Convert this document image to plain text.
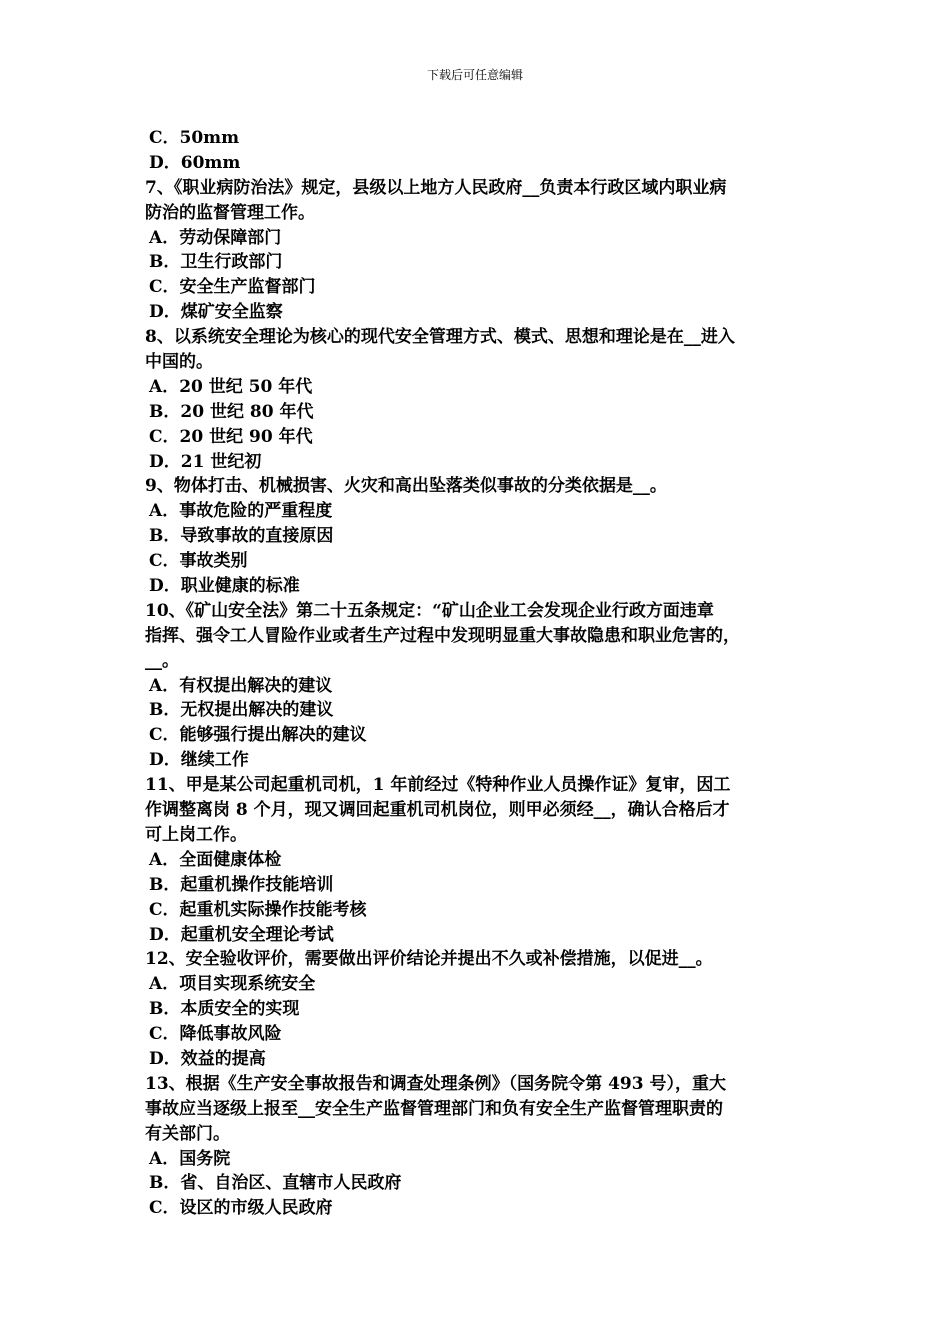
下载后可任意编辑
C．50mm
D．60mm
7、《职业病防治法》规定，县级以上地方人民政府__负责本行政区域内职业病
防治的监督管理工作。
A．劳动保障部门
B．卫生行政部门
C．安全生产监督部门
D．煤矿安全监察
8、以系统安全理论为核心的现代安全管理方式、模式、思想和理论是在__进入
中国的。
A．20 世纪 50 年代
B．20 世纪 80 年代
C．20 世纪 90 年代
D．21 世纪初
9、物体打击、机械损害、火灾和高出坠落类似事故的分类依据是__。
A．事故危险的严重程度
B．导致事故的直接原因
C．事故类别
D．职业健康的标准
10、《矿山安全法》第二十五条规定：“矿山企业工会发现企业行政方面违章
指挥、强令工人冒险作业或者生产过程中发现明显重大事故隐患和职业危害的，
__。
A．有权提出解决的建议
B．无权提出解决的建议
C．能够强行提出解决的建议
D．继续工作
11、甲是某公司起重机司机，1 年前经过《特种作业人员操作证》复审，因工
作调整离岗 8 个月，现又调回起重机司机岗位，则甲必须经__，确认合格后才
可上岗工作。
A．全面健康体检
B．起重机操作技能培训
C．起重机实际操作技能考核
D．起重机安全理论考试
12、安全验收评价，需要做出评价结论并提出不久或补偿措施，以促进__。
A．项目实现系统安全
B．本质安全的实现
C．降低事故风险
D．效益的提高
13、根据《生产安全事故报告和调查处理条例》（国务院令第 493 号），重大
事故应当逐级上报至__安全生产监督管理部门和负有安全生产监督管理职责的
有关部门。
A．国务院
B．省、自治区、直辖市人民政府
C．设区的市级人民政府
